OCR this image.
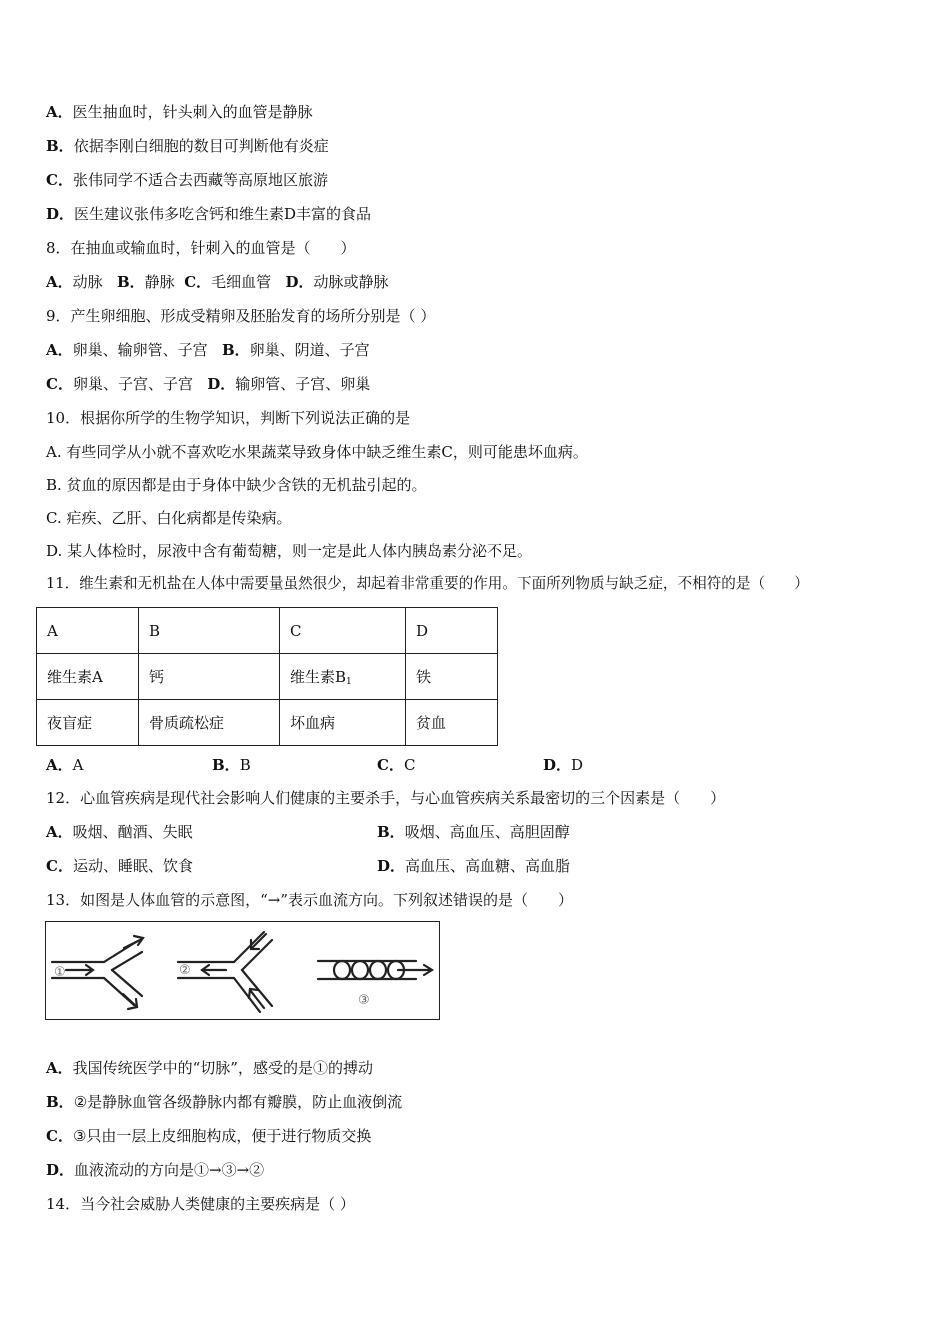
A．医生抽血时，针头刺入的血管是静脉
B．依据李刚白细胞的数目可判断他有炎症
C．张伟同学不适合去西藏等高原地区旅游
D．医生建议张伟多吃含钙和维生素D丰富的食品
8．在抽血或输血时，针刺入的血管是（　　）
A．动脉 B．静脉 C．毛细血管 D．动脉或静脉
9．产生卵细胞、形成受精卵及胚胎发育的场所分别是（ ）
A．卵巢、输卵管、子宫 B．卵巢、阴道、子宫
C．卵巢、子宫、子宫 D．输卵管、子宫、卵巢
10．根据你所学的生物学知识，判断下列说法正确的是
A. 有些同学从小就不喜欢吃水果蔬菜导致身体中缺乏维生素C，则可能患坏血病。
B. 贫血的原因都是由于身体中缺少含铁的无机盐引起的。
C. 疟疾、乙肝、白化病都是传染病。
D. 某人体检时，尿液中含有葡萄糖，则一定是此人体内胰岛素分泌不足。
11．维生素和无机盐在人体中需要量虽然很少，却起着非常重要的作用。下面所列物质与缺乏症，不相符的是（　　）
A	B	C	D
维生素A	钙	维生素$B_1$	铁
夜盲症	骨质疏松症	坏血病	贫血
A．A	B．B	C．C	D．D
12．心血管疾病是现代社会影响人们健康的主要杀手，与心血管疾病关系最密切的三个因素是（　　）
A．吸烟、酗酒、失眠	B．吸烟、高血压、高胆固醇
C．运动、睡眠、饮食	D．高血压、高血糖、高血脂
13．如图是人体血管的示意图，“→”表示血流方向。下列叙述错误的是（　　）
①	②
③
A．我国传统医学中的“切脉”，感受的是①的搏动
B．②是静脉血管各级静脉内都有瓣膜，防止血液倒流
C．③只由一层上皮细胞构成，便于进行物质交换
D．血液流动的方向是①→③→②
14．当今社会威胁人类健康的主要疾病是（ ）
